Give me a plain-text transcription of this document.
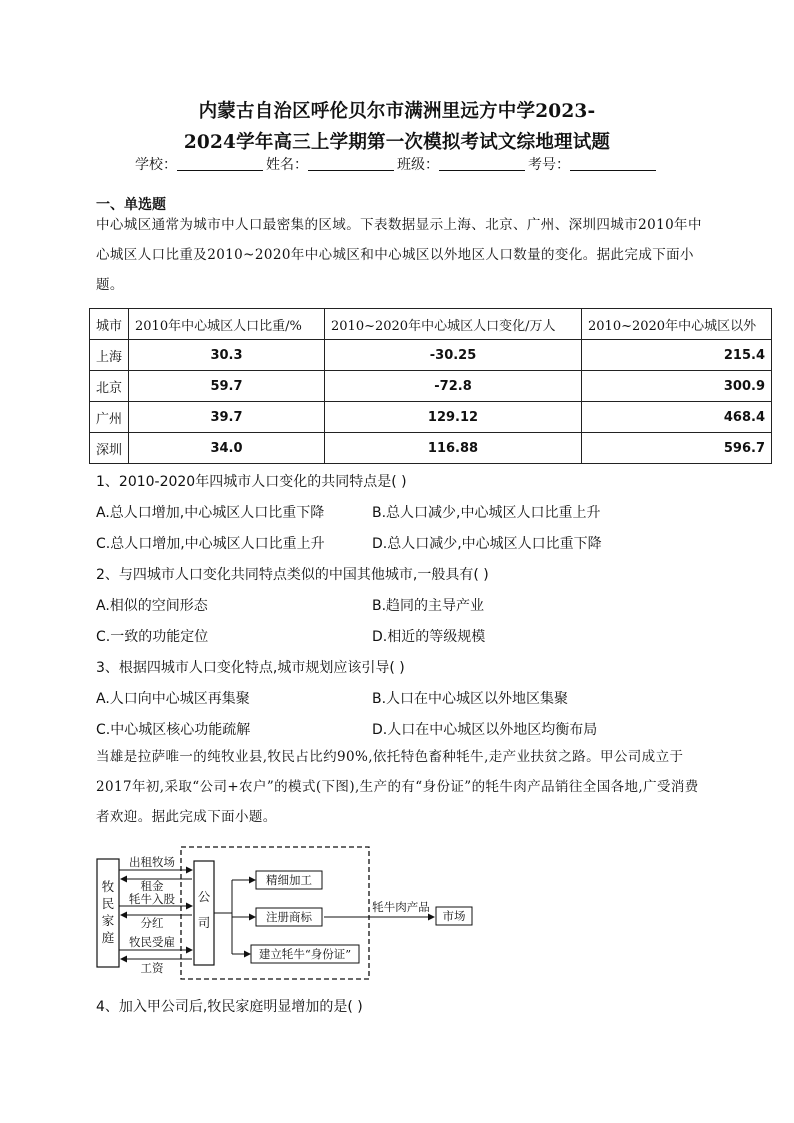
内蒙古自治区呼伦贝尔市满洲里远方中学2023-
2024学年高三上学期第一次模拟考试文综地理试题
学校：	姓名：	班级：	考号：
一、单选题
中心城区通常为城市中人口最密集的区域。下表数据显示上海、北京、广州、深圳四城市2010年中心城区人口比重及2010~2020年中心城区和中心城区以外地区人口数量的变化。据此完成下面小题。
城市	2010年中心城区人口比重/%	2010~2020年中心城区人口变化/万人	2010~2020年中心城区以外
上海	30.3	-30.25	215.4
北京	59.7	-72.8	300.9
广州	39.7	129.12	468.4
深圳	34.0	116.88	596.7
1、2010-2020年四城市人口变化的共同特点是( )
A.总人口增加,中心城区人口比重下降	B.总人口减少,中心城区人口比重上升
C.总人口增加,中心城区人口比重上升	D.总人口减少,中心城区人口比重下降
2、与四城市人口变化共同特点类似的中国其他城市,一般具有( )
A.相似的空间形态	B.趋同的主导产业
C.一致的功能定位	D.相近的等级规模
3、根据四城市人口变化特点,城市规划应该引导( )
A.人口向中心城区再集聚	B.人口在中心城区以外地区集聚
C.中心城区核心功能疏解	D.人口在中心城区以外地区均衡布局
当雄是拉萨唯一的纯牧业县,牧民占比约90%,依托特色畜种牦牛,走产业扶贫之路。甲公司成立于2017年初,采取“公司+农户”的模式(下图),生产的有“身份证”的牦牛肉产品销往全国各地,广受消费者欢迎。据此完成下面小题。
牧民家庭
公司
出租牧场
租金
牦牛入股
分红
牧民受雇
工资
精细加工
注册商标
建立牦牛“身份证”
牦牛肉产品
市场
4、加入甲公司后,牧民家庭明显增加的是( )
